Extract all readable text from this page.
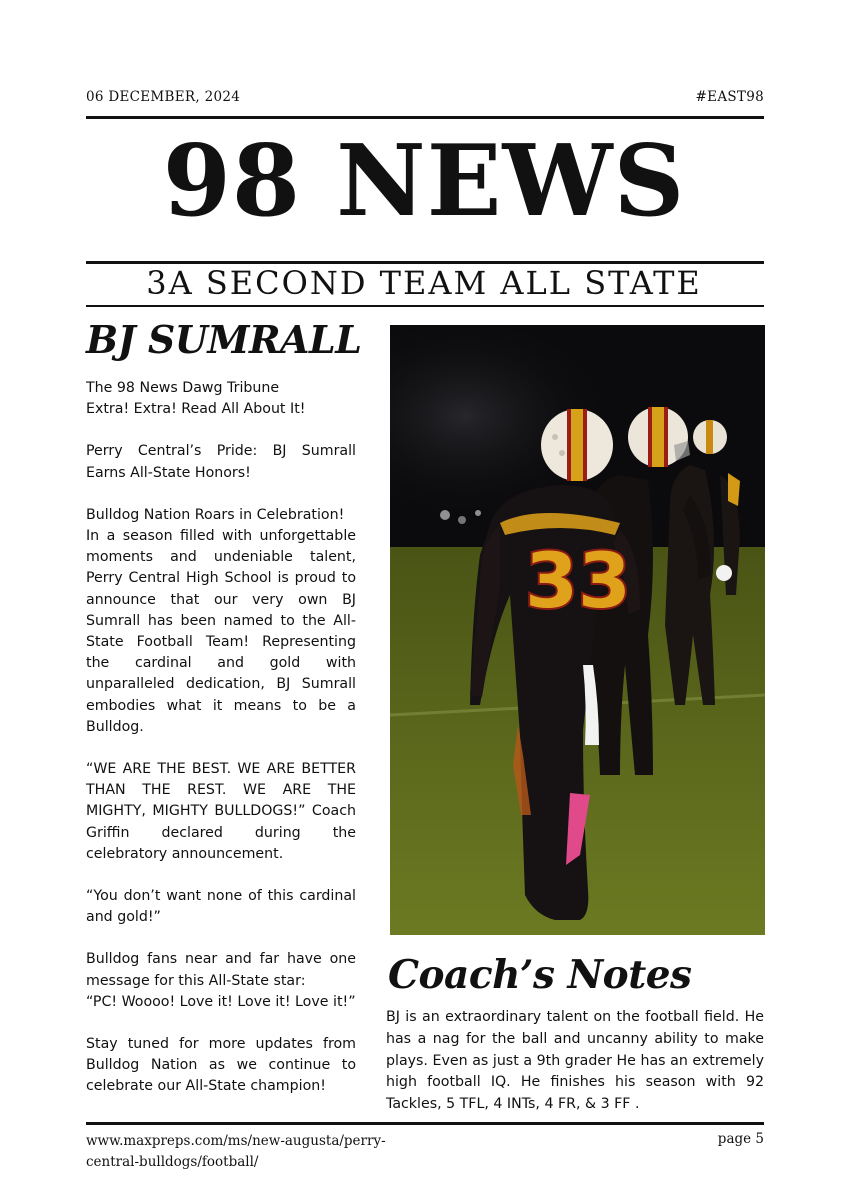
06 DECEMBER, 2024	#EAST98
98 NEWS
3A SECOND TEAM ALL STATE
BJ SUMRALL

The 98 News Dawg Tribune
Extra! Extra! Read All About It!

Perry Central’s Pride: BJ Sumrall Earns All-State Honors!

Bulldog Nation Roars in Celebration!
In a season filled with unforgettable moments and undeniable talent, Perry Central High School is proud to announce that our very own BJ Sumrall has been named to the All-State Football Team! Representing the cardinal and gold with unparalleled dedication, BJ Sumrall embodies what it means to be a Bulldog.

“WE ARE THE BEST. WE ARE BETTER THAN THE REST. WE ARE THE MIGHTY, MIGHTY BULLDOGS!” Coach Griffin declared during the celebratory announcement.

“You don’t want none of this cardinal and gold!”

Bulldog fans near and far have one message for this All-State star:
“PC! Woooo! Love it! Love it! Love it!”

Stay tuned for more updates from Bulldog Nation as we continue to celebrate our All-State champion!

33
Coach’s Notes
BJ is an extraordinary talent on the football field. He has a nag for the ball and uncanny ability to make plays. Even as just a 9th grader He has an extremely high football IQ. He finishes his season with 92 Tackles, 5 TFL, 4 INTs, 4 FR, & 3 FF .
www.maxpreps.com/ms/new-augusta/perry-central-bulldogs/football/
page 5
